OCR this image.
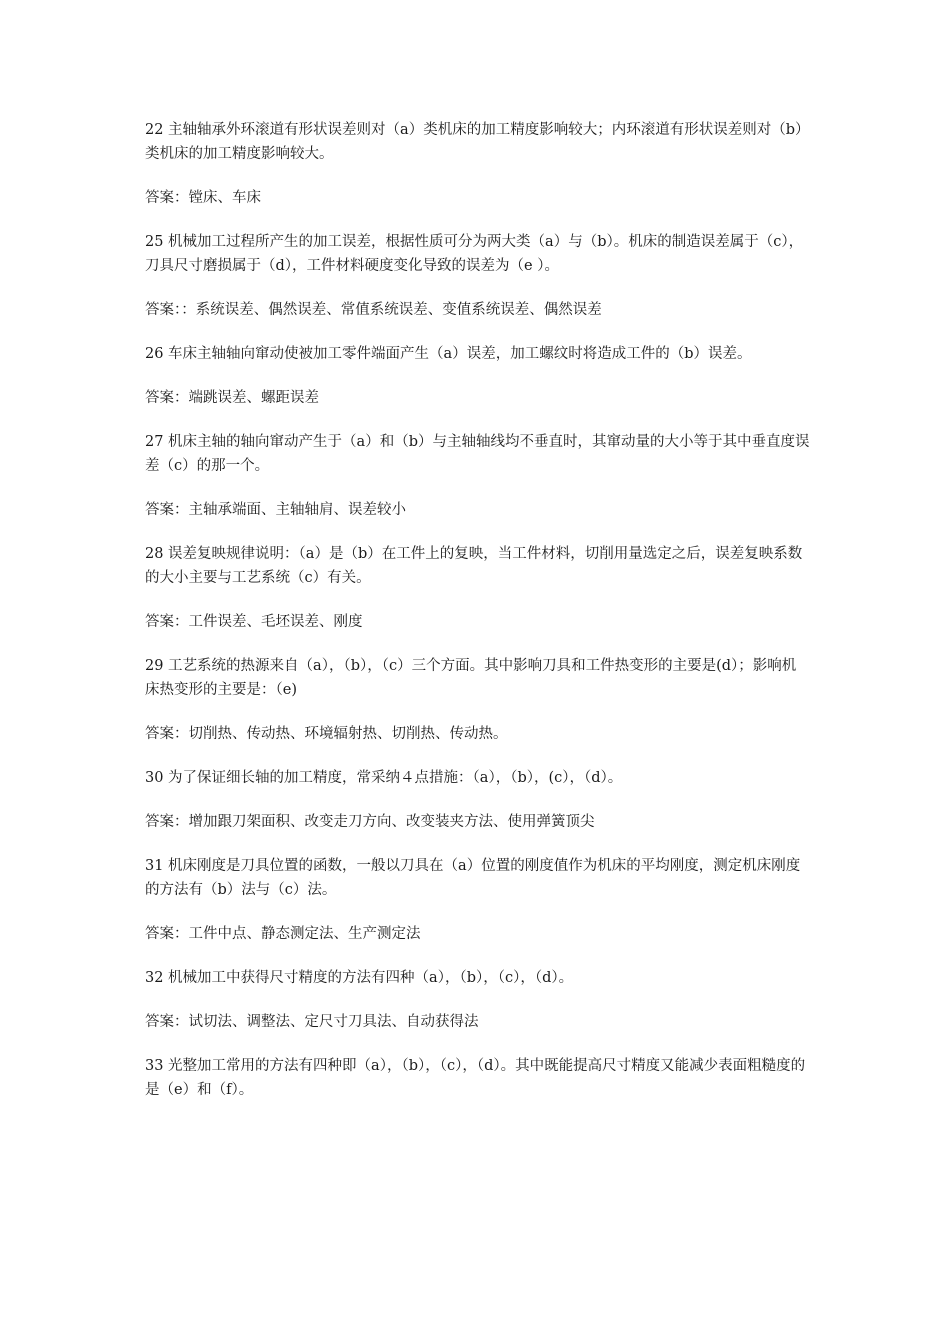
22 主轴轴承外环滚道有形状误差则对（a）类机床的加工精度影响较大；内环滚道有形状误差则对（b）类机床的加工精度影响较大。

答案：镗床、车床

25 机械加工过程所产生的加工误差，根据性质可分为两大类（a）与（b）。机床的制造误差属于（c），刀具尺寸磨损属于（d），工件材料硬度变化导致的误差为（e ）。

答案：：系统误差、偶然误差、常值系统误差、变值系统误差、偶然误差

26 车床主轴轴向窜动使被加工零件端面产生（a）误差，加工螺纹时将造成工件的（b）误差。

答案：端跳误差、螺距误差

27 机床主轴的轴向窜动产生于（a）和（b）与主轴轴线均不垂直时，其窜动量的大小等于其中垂直度误差（c）的那一个。

答案：主轴承端面、主轴轴肩、误差较小

28 误差复映规律说明：（a）是（b）在工件上的复映，当工件材料，切削用量选定之后，误差复映系数的大小主要与工艺系统（c）有关。

答案：工件误差、毛坯误差、刚度

29 工艺系统的热源来自（a），（b），（c）三个方面。其中影响刀具和工件热变形的主要是(d）；影响机床热变形的主要是：（e)

答案：切削热、传动热、环境辐射热、切削热、传动热。

30 为了保证细长轴的加工精度，常采纳４点措施：（a），（b），(c），（d）。

答案：增加跟刀架面积、改变走刀方向、改变装夹方法、使用弹簧顶尖

31 机床刚度是刀具位置的函数，一般以刀具在（a）位置的刚度值作为机床的平均刚度，测定机床刚度的方法有（b）法与（c）法。

答案：工件中点、静态测定法、生产测定法

32 机械加工中获得尺寸精度的方法有四种（a），（b），（c），（d）。

答案：试切法、调整法、定尺寸刀具法、自动获得法

33 光整加工常用的方法有四种即（a），（b），（c），（d）。其中既能提高尺寸精度又能减少表面粗糙度的是（e）和（f）。
